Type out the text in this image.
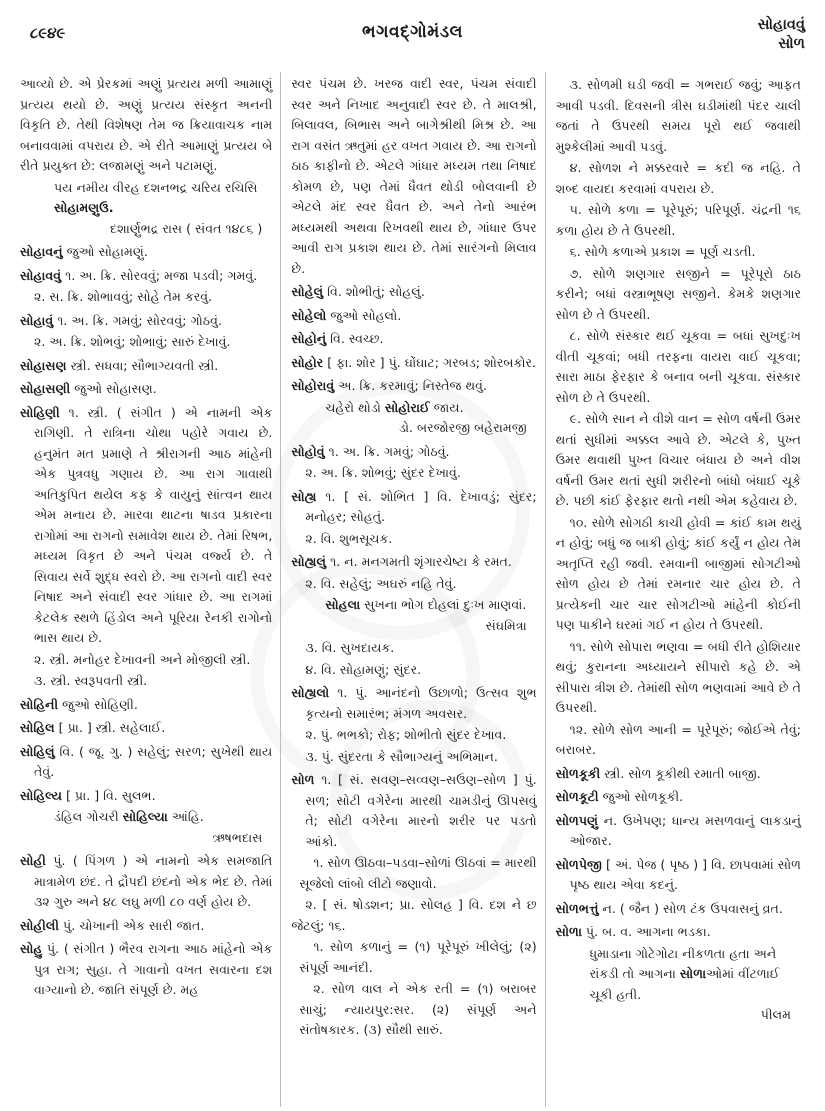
૮૯૪૯	ભગવદ્ગોમંડલ	સોહાવવું
સોળ

આવ્યો છે. એ પ્રેરકમાં અણું પ્રત્યય મળી આમાણું પ્રત્યય થયો છે. અણું પ્રત્યય સંસ્કૃત અનની વિકૃતિ છે. તેથી વિશેષણ તેમ જ ક્રિયાવાચક નામ બનાવવામાં વપરાય છે. એ રીતે આમાણું પ્રત્યય બે રીતે પ્રયુક્ત છે: લજામણું અને પટામણું.

પય નમીય વીરહ દશનભદ્ર ચરિય રચિસિ સોહામણુઉ.

દશાર્ણુભદ્ર રાસ ( સંવત ૧૪૮૬ )

સોહાવનું જુઓ સોહામણું.

સોહાવવું ૧. અ. ક્રિ. સોરવવું; મજા પડવી; ગમવું.

૨. સ. ક્રિ. શોભાવવું; સોહે તેમ કરવું.

સોહાવું ૧. અ. ક્રિ. ગમવું; સોરવવું; ગોઠવું.

૨. અ. ક્રિ. શોભવું; શોભાવું; સારું દેખાવું.

સોહાસણ સ્ત્રી. સધવા; સૌભાગ્યવતી સ્ત્રી.

સોહાસણી જુઓ સોહાસણ.

સોહિણી ૧. સ્ત્રી. ( સંગીત ) એ નામની એક રાગિણી. તે રાત્રિના ચોથા પહોરે ગવાય છે. હનુમંત મત પ્રમાણે તે શ્રીરાગની આઠ માંહેની એક પુત્રવધુ ગણાય છે. આ રાગ ગાવાથી અતિકુપિત થયેલ કફ કે વાયુનું સાંત્વન થાય એમ મનાય છે. મારવા થાટના ષાડવ પ્રકારના રાગોમાં આ રાગનો સમાવેશ થાય છે. તેમાં રિષભ, મધ્યમ વિકૃત છે અને પંચમ વર્જ્ય છે. તે સિવાય સર્વે શુદ્ધ સ્વરો છે. આ રાગનો વાદી સ્વર નિષાદ અને સંવાદી સ્વર ગાંધાર છે. આ રાગમાં કેટલેક સ્થળે હિંડોલ અને પૂરિયા રેનકી રાગોનો ભાસ થાય છે.

૨. સ્ત્રી. મનોહર દેખાવની અને મોજીલી સ્ત્રી.

૩. સ્ત્રી. સ્વરૂપવતી સ્ત્રી.

સોહિની જુઓ સોહિણી.

સોહિલ [ પ્રા. ] સ્ત્રી. સહેલાઈ.

સોહિલું વિ. ( જૂ. ગુ. ) સહેલું; સરળ; સુખેથી થાય તેવું.

સોહિલ્ય [ પ્રા. ] વિ. સુલભ.

ડંહિલ ગોચરી સોહિલ્યા આંહિ.

ઋષભદાસ

સોહી પું. ( પિંગળ ) એ નામનો એક સમજાતિ માત્રામેળ છંદ. તે દ્રૌપદી છંદનો એક ભેદ છે. તેમાં ૩૨ ગુરુ અને ૪૮ લઘુ મળી ૮૦ વર્ણ હોય છે.

સોહીલી પું. ચોખાની એક સારી જાત.

સોહુ પું. ( સંગીત ) ભૈરવ રાગના આઠ માંહેનો એક પુત્ર રાગ; સુહા. તે ગાવાનો વખત સવારના દશ વાગ્યાનો છે. જાતિ સંપૂર્ણ છે. મહ

સ્વર પંચમ છે. ખરજ વાદી સ્વર, પંચમ સંવાદી સ્વર અને નિખાદ અનુવાદી સ્વર છે. તે માલશ્રી, બિલાવલ, બિભાસ અને બાગેશ્રીથી મિશ્ર છે. આ રાગ વસંત ઋતુમાં હર વખત ગવાય છે. આ રાગનો ઠાઠ કાફીનો છે. એટલે ગાંધાર મધ્યમ તથા નિષાદ કોમળ છે, પણ તેમાં ધૈવત થોડી બોલવાની છે એટલે મંદ સ્વર ધૈવત છે. અને તેનો આરંભ મધ્યમથી અથવા રિખવથી થાય છે, ગાંધાર ઉપર આવી રાગ પ્રકાશ થાય છે. તેમાં સારંગનો મિલાવ છે.

સોહેલું વિ. શોભીતું; સોહલું.

સોહેલો જુઓ સોહલો.

સોહોનું વિ. સ્વચ્છ.

સોહોર [ ફા. શોર ] પું. ઘોંઘાટ; ગરબડ; શોરબકોર.

સોહોરાવું અ. ક્રિ. કરમાવું; નિસ્તેજ થવું.

ચહેરો થોડો સોહોરાઈ જાય.

ડો. બરજોરજી બહેરામજી

સોહોવું ૧. અ. ક્રિ. ગમવું; ગોઠવું.

૨. અ. ક્રિ. શોભવું; સુંદર દેખાવું.

સોહ્ય ૧. [ સં. શોભિત ] વિ. દેખાવડું; સુંદર; મનોહર; સોહતું.

૨. વિ. શુભસૂચક.

સોહ્યલું ૧. ન. મનગમતી શૃંગારચેષ્ટા કે રમત.

૨. વિ. સહેલું; અઘરું નહિ તેવું.

સોહલા સુખના ભોગ દોહલાં દુઃખ માણવાં.

સંઘમિત્રા

૩. વિ. સુખદાયક.

૪. વિ. સોહામણું; સુંદર.

સોહ્યલો ૧. પું. આનંદનો ઉછાળો; ઉત્સવ શુભ કૃત્યનો સમારંભ; મંગળ અવસર.

૨. પું. ભભકો; રોફ; શોભીતો સુંદર દેખાવ.

૩. પું. સુંદરતા કે સૌભાગ્યનું અભિમાન.

સોળ ૧. [ સં. સવણ–સવ્વણ–સઉણ–સોળ ] પું. સળ; સોટી વગેરેના મારથી ચામડીનું ઊપસવું તે; સોટી વગેરેના મારનો શરીર પર પડતો આંકો.

૧. સોળ ઊઠવા–પડવા–સોળાં ઊઠવાં = મારથી સૂજેલો લાંબો લીટો જણાવો.

૨. [ સં. ષોડશન; પ્રા. સોલહ ] વિ. દશ ને છ જેટલું; ૧૬.

૧. સોળ કળાનું = (૧) પૂરેપૂરું ખીલેલું; (૨) સંપૂર્ણ આનંદી.

૨. સોળ વાલ ને એક રતી = (૧) બરાબર સાચું; ન્યાયપુર:સર. (૨) સંપૂર્ણ અને સંતોષકારક. (૩) સૌથી સારું.

૩. સોળમી ઘડી જવી = ગભરાઈ જવું; આફત આવી પડવી. દિવસની ત્રીસ ઘડીમાંથી પંદર ચાલી જતાં તે ઉપરથી સમય પૂરો થઈ જવાથી મુશ્કેલીમાં આવી પડવું.

૪. સોળશ ને મક્કરવારે = કદી જ નહિ. તે શબ્દ વાયદા કરવામાં વપરાય છે.

૫. સોળે કળા = પૂરેપૂરું; પરિપૂર્ણ. ચંદ્રની ૧૬ કળા હોય છે તે ઉપરથી.

૬. સોળે કળાએ પ્રકાશ = પૂર્ણ ચડતી.

૭. સોળે શણગાર સજીને = પૂરેપૂરો ઠાઠ કરીને; બધાં વસ્ત્રાભૂષણ સજીને. કેમકે શણગાર સોળ છે તે ઉપરથી.

૮. સોળે સંસ્કાર થઈ ચૂકવા = બધાં સુખદુઃખ વીતી ચૂકવાં; બધી તરફના વાયરા વાઈ ચૂકવા; સારા માઠા ફેરફાર કે બનાવ બની ચૂકવા. સંસ્કાર સોળ છે તે ઉપરથી.

૯. સોળે સાન ને વીશે વાન = સોળ વર્ષની ઉમર થતાં સુધીમાં અક્કલ આવે છે. એટલે કે, પુખ્ત ઉમર થવાથી પુખ્ત વિચાર બંધાય છે અને વીશ વર્ષની ઉમર થતાં સુધી શરીરનો બાંધો બંધાઈ ચૂકે છે. પછી કાંઈ ફેરફાર થતો નથી એમ કહેવાય છે.

૧૦. સોળે સોગઠી કાચી હોવી = કાંઈ કામ થયું ન હોવું; બધું જ બાકી હોવું; કાંઈ કર્યું ન હોય તેમ અતૃપ્તિ રહી જવી. રમવાની બાજીમાં સોગટીઓ સોળ હોય છે તેમાં રમનાર ચાર હોય છે. તે પ્રત્યેકની ચાર ચાર સોગટીઓ માંહેની કોઈની પણ પાકીને ઘરમાં ગઈ ન હોય તે ઉપરથી.

૧૧. સોળે સોપારા ભણવા = બધી રીતે હોશિયાર થવું; કુરાનના અધ્યાયને સીપારો કહે છે. એ સીપારા ત્રીશ છે. તેમાંથી સોળ ભણવામાં આવે છે તે ઉપરથી.

૧૨. સોળે સોળ આની = પૂરેપૂરું; જોઈએ તેવું; બરાબર.

સોળકૂકી સ્ત્રી. સોળ કૂકીથી રમાતી બાજી.

સોળકૂટી જુઓ સોળકૂકી.

સોળપણું ન. ઉખેપણ; ધાન્ય મસળવાનું લાકડાનું ઓજાર.

સોળપેજી [ અં. પેજ ( પૃષ્ઠ ) ] વિ. છાપવામાં સોળ પૃષ્ઠ થાય એવા કદનું.

સોળભત્તું ન. ( જૈન ) સોળ ટંક ઉપવાસનું વ્રત.

સોળા પું. બ. વ. આગના ભડકા.

ધુમાડાના ગોટેગોટા નીકળતા હતા અને રાંકડી તો આગના સોળાઓમાં વીંટળાઈ ચૂકી હતી.

પીલમ
